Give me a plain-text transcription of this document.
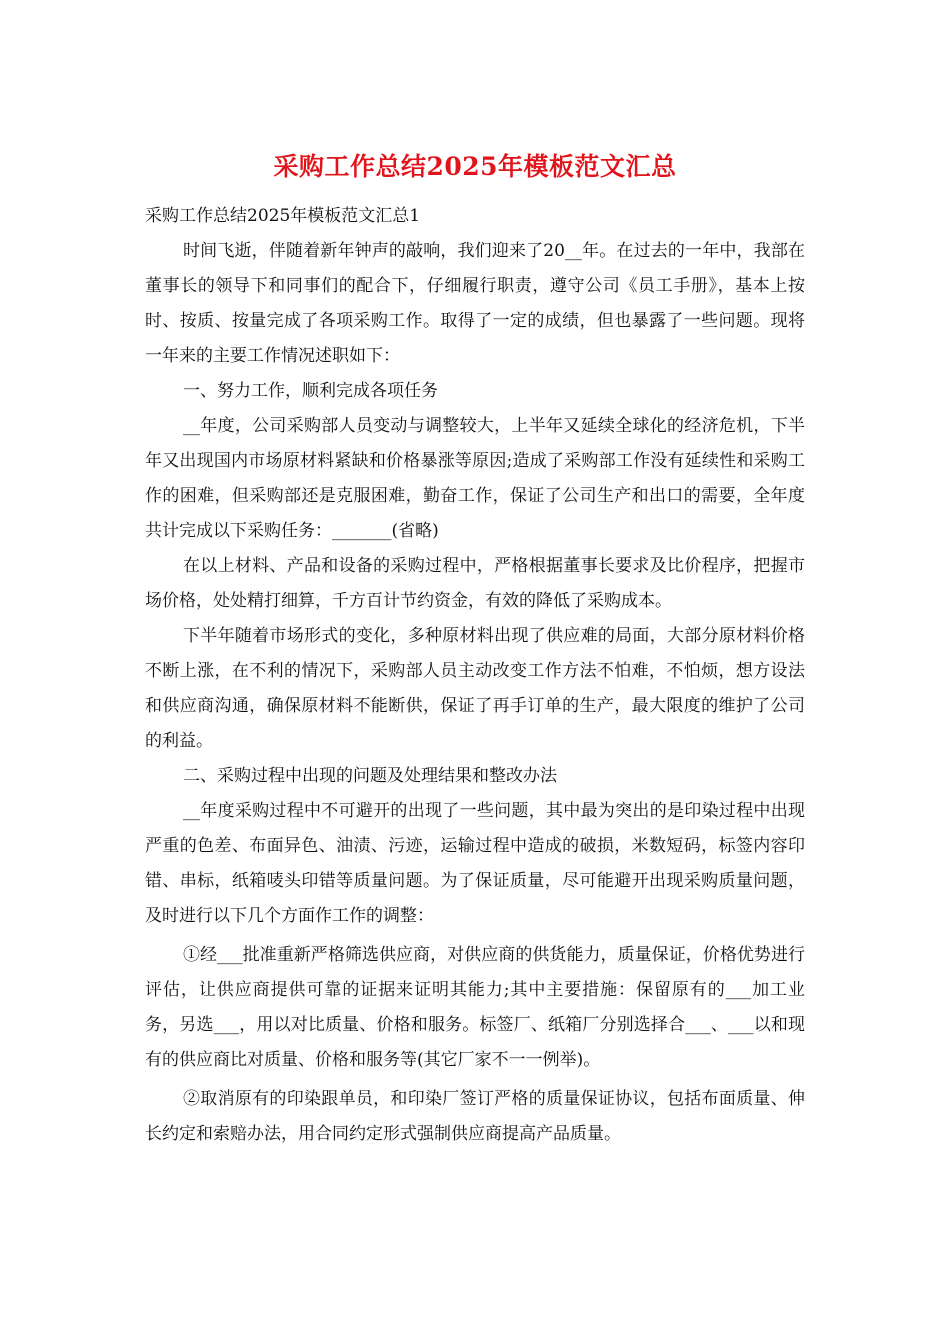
采购工作总结2025年模板范文汇总

采购工作总结2025年模板范文汇总1

时间飞逝，伴随着新年钟声的敲响，我们迎来了20__年。在过去的一年中，我部在董事长的领导下和同事们的配合下，仔细履行职责，遵守公司《员工手册》，基本上按时、按质、按量完成了各项采购工作。取得了一定的成绩，但也暴露了一些问题。现将一年来的主要工作情况述职如下：

一、努力工作，顺利完成各项任务

__年度，公司采购部人员变动与调整较大，上半年又延续全球化的经济危机，下半年又出现国内市场原材料紧缺和价格暴涨等原因;造成了采购部工作没有延续性和采购工作的困难，但采购部还是克服困难，勤奋工作，保证了公司生产和出口的需要，全年度共计完成以下采购任务：_______(省略)

在以上材料、产品和设备的采购过程中，严格根据董事长要求及比价程序，把握市场价格，处处精打细算，千方百计节约资金，有效的降低了采购成本。

下半年随着市场形式的变化，多种原材料出现了供应难的局面，大部分原材料价格不断上涨，在不利的情况下，采购部人员主动改变工作方法不怕难，不怕烦，想方设法和供应商沟通，确保原材料不能断供，保证了再手订单的生产，最大限度的维护了公司的利益。

二、采购过程中出现的问题及处理结果和整改办法

__年度采购过程中不可避开的出现了一些问题，其中最为突出的是印染过程中出现严重的色差、布面异色、油渍、污迹，运输过程中造成的破损，米数短码，标签内容印错、串标，纸箱唛头印错等质量问题。为了保证质量，尽可能避开出现采购质量问题，及时进行以下几个方面作工作的调整：

①经___批准重新严格筛选供应商，对供应商的供货能力，质量保证，价格优势进行评估，让供应商提供可靠的证据来证明其能力;其中主要措施：保留原有的___加工业务，另选___，用以对比质量、价格和服务。标签厂、纸箱厂分别选择合___、___以和现有的供应商比对质量、价格和服务等(其它厂家不一一例举)。

②取消原有的印染跟单员，和印染厂签订严格的质量保证协议，包括布面质量、伸长约定和索赔办法，用合同约定形式强制供应商提高产品质量。
